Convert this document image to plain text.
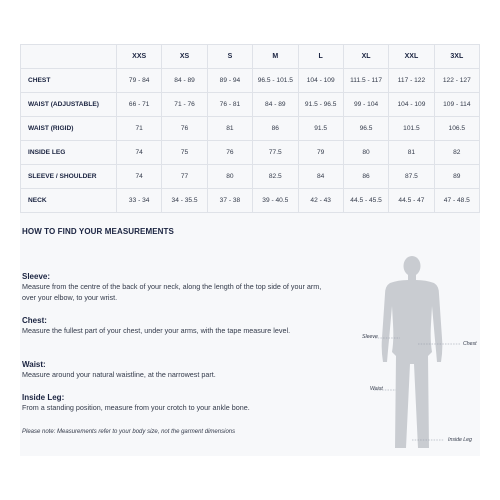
	XXS	XS	S	M	L	XL	XXL	3XL
CHEST	79 - 84	84 - 89	89 - 94	96.5 - 101.5	104 - 109	111.5 - 117	117 - 122	122 - 127
WAIST (ADJUSTABLE)	66 - 71	71 - 76	76 - 81	84 - 89	91.5 - 96.5	99 - 104	104 - 109	109 - 114
WAIST (RIGID)	71	76	81	86	91.5	96.5	101.5	106.5
INSIDE LEG	74	75	76	77.5	79	80	81	82
SLEEVE / SHOULDER	74	77	80	82.5	84	86	87.5	89
NECK	33 - 34	34 - 35.5	37 - 38	39 - 40.5	42 - 43	44.5 - 45.5	44.5 - 47	47 - 48.5
HOW TO FIND YOUR MEASUREMENTS

Sleeve:

Measure from the centre of the back of your neck, along the length of the top side of your arm, over your elbow, to your wrist.

Chest:

Measure the fullest part of your chest, under your arms, with the tape measure level.

Waist:

Measure around your natural waistline, at the narrowest part.

Inside Leg:

From a standing position, measure from your crotch to your ankle bone.

Please note: Measurements refer to your body size, not the garment dimensions
Sleeve
Chest
Waist
Inside Leg
